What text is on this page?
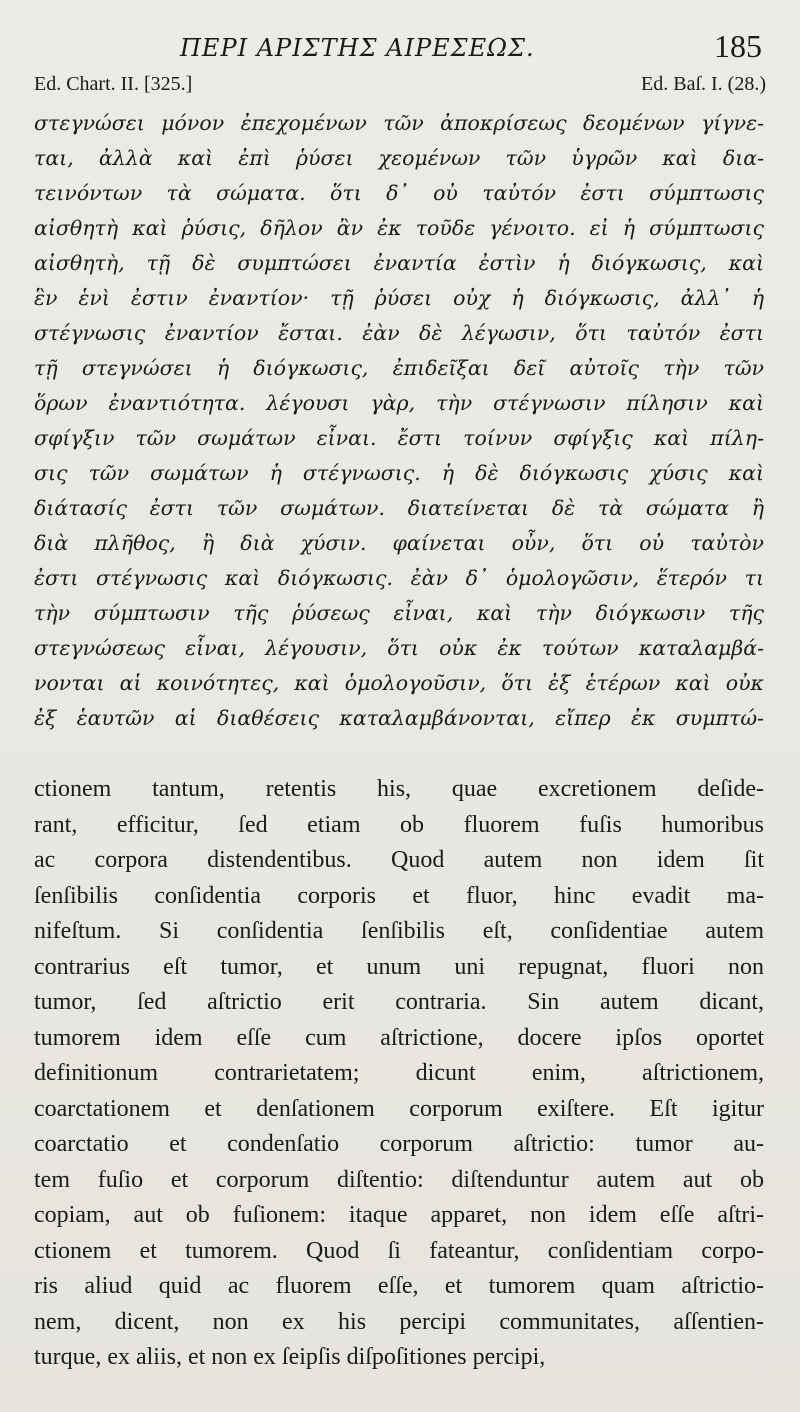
ΠΕΡΙ ΑΡΙΣΤΗΣ ΑΙΡΕΣΕΩΣ.	185
Ed. Chart. II. [325.]	Ed. Baſ. I. (28.)
στεγνώσει μόνον ἐπεχομένων τῶν ἀποκρίσεως δεομένων γίγνε-
ται, ἀλλὰ καὶ ἐπὶ ῥύσει χεομένων τῶν ὑγρῶν καὶ δια-
τεινόντων τὰ σώματα. ὅτι δ᾽ οὐ ταὐτόν ἐστι σύμπτωσις
αἰσθητὴ καὶ ῥύσις, δῆλον ἂν ἐκ τοῦδε γένοιτο. εἰ ἡ σύμπτωσις
αἰσθητὴ, τῇ δὲ συμπτώσει ἐναντία ἐστὶν ἡ διόγκωσις, καὶ
ἓν ἑνὶ ἐστιν ἐναντίον· τῇ ῥύσει οὐχ ἡ διόγκωσις, ἀλλ᾽ ἡ
στέγνωσις ἐναντίον ἔσται. ἐὰν δὲ λέγωσιν, ὅτι ταὐτόν ἐστι
τῇ στεγνώσει ἡ διόγκωσις, ἐπιδεῖξαι δεῖ αὐτοῖς τὴν τῶν
ὅρων ἐναντιότητα. λέγουσι γὰρ, τὴν στέγνωσιν πίλησιν καὶ
σφίγξιν τῶν σωμάτων εἶναι. ἔστι τοίνυν σφίγξις καὶ πίλη-
σις τῶν σωμάτων ἡ στέγνωσις. ἡ δὲ διόγκωσις χύσις καὶ
διάτασίς ἐστι τῶν σωμάτων. διατείνεται δὲ τὰ σώματα ἢ
διὰ πλῆθος, ἢ διὰ χύσιν. φαίνεται οὖν, ὅτι οὐ ταὐτὸν
ἐστι στέγνωσις καὶ διόγκωσις. ἐὰν δ᾽ ὁμολογῶσιν, ἕτερόν τι
τὴν σύμπτωσιν τῆς ῥύσεως εἶναι, καὶ τὴν διόγκωσιν τῆς
στεγνώσεως εἶναι, λέγουσιν, ὅτι οὐκ ἐκ τούτων καταλαμβά-
νονται αἱ κοινότητες, καὶ ὁμολογοῦσιν, ὅτι ἐξ ἑτέρων καὶ οὐκ
ἐξ ἑαυτῶν αἱ διαθέσεις καταλαμβάνονται, εἴπερ ἐκ συμπτώ-
ctionem tantum, retentis his, quae excretionem deſide-
rant, efficitur, ſed etiam ob fluorem fuſis humoribus
ac corpora distendentibus. Quod autem non idem ſit
ſenſibilis conſidentia corporis et fluor, hinc evadit ma-
nifeſtum. Si conſidentia ſenſibilis eſt, conſidentiae autem
contrarius eſt tumor, et unum uni repugnat, fluori non
tumor, ſed aſtrictio erit contraria. Sin autem dicant,
tumorem idem eſſe cum aſtrictione, docere ipſos oportet
definitionum contrarietatem; dicunt enim, aſtrictionem,
coarctationem et denſationem corporum exiſtere. Eſt igitur
coarctatio et condenſatio corporum aſtrictio: tumor au-
tem fuſio et corporum diſtentio: diſtenduntur autem aut ob
copiam, aut ob fuſionem: itaque apparet, non idem eſſe aſtri-
ctionem et tumorem. Quod ſi fateantur, conſidentiam corpo-
ris aliud quid ac fluorem eſſe, et tumorem quam aſtrictio-
nem, dicent, non ex his percipi communitates, aſſentien-
turque, ex aliis, et non ex ſeipſis diſpoſitiones percipi,
